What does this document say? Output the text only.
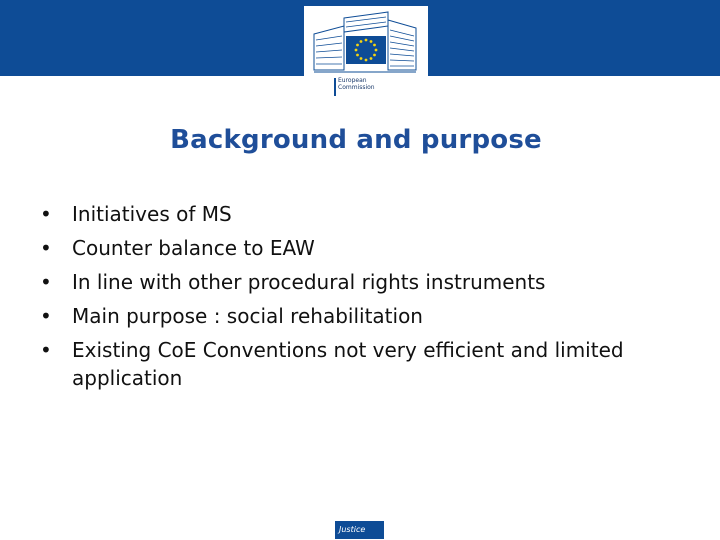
European
Commission
Background and purpose
•	Initiatives of MS
•	Counter balance to EAW
•	In line with other procedural rights instruments
•	Main purpose : social rehabilitation
•	Existing CoE Conventions not very efficient and limited application
Justice
